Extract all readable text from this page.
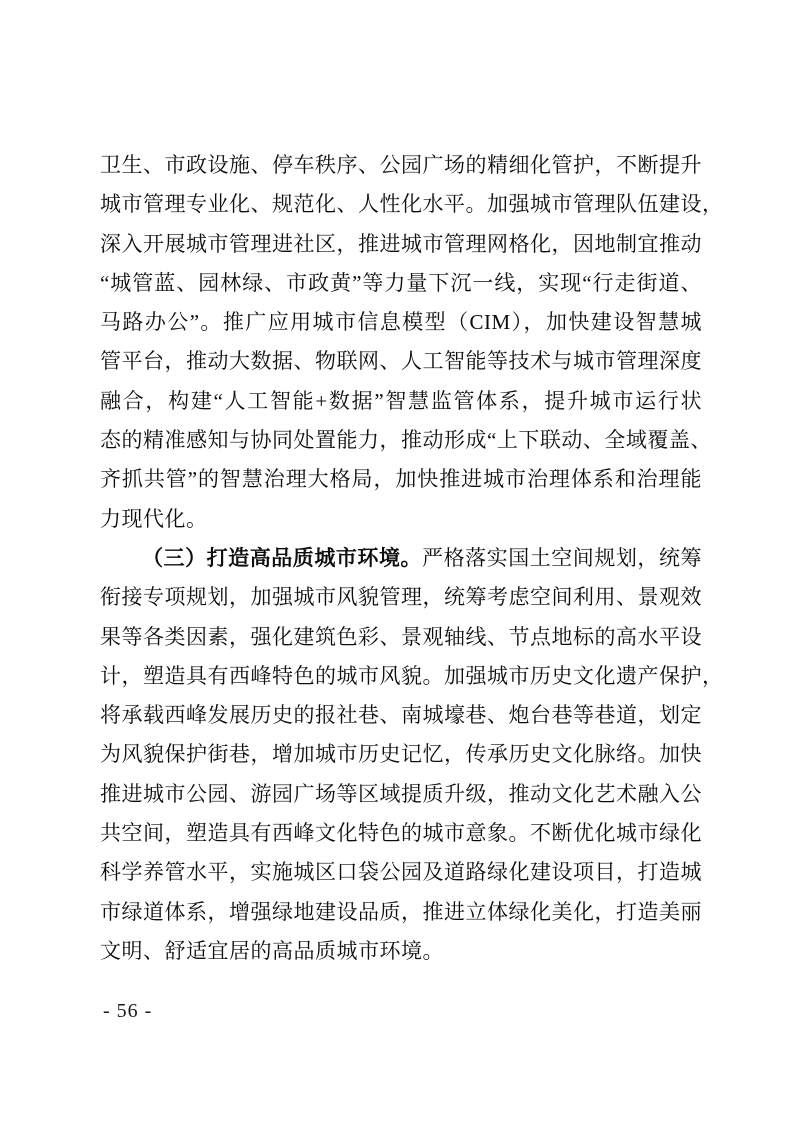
卫生、市政设施、停车秩序、公园广场的精细化管护，不断提升
城市管理专业化、规范化、人性化水平。加强城市管理队伍建设，
深入开展城市管理进社区，推进城市管理网格化，因地制宜推动
“城管蓝、园林绿、市政黄”等力量下沉一线，实现“行走街道、
马路办公”。推广应用城市信息模型（CIM），加快建设智慧城
管平台，推动大数据、物联网、人工智能等技术与城市管理深度
融合，构建“人工智能+数据”智慧监管体系，提升城市运行状
态的精准感知与协同处置能力，推动形成“上下联动、全域覆盖、
齐抓共管”的智慧治理大格局，加快推进城市治理体系和治理能
力现代化。
（三）打造高品质城市环境。严格落实国土空间规划，统筹
衔接专项规划，加强城市风貌管理，统筹考虑空间利用、景观效
果等各类因素，强化建筑色彩、景观轴线、节点地标的高水平设
计，塑造具有西峰特色的城市风貌。加强城市历史文化遗产保护，
将承载西峰发展历史的报社巷、南城壕巷、炮台巷等巷道，划定
为风貌保护街巷，增加城市历史记忆，传承历史文化脉络。加快
推进城市公园、游园广场等区域提质升级，推动文化艺术融入公
共空间，塑造具有西峰文化特色的城市意象。不断优化城市绿化
科学养管水平，实施城区口袋公园及道路绿化建设项目，打造城
市绿道体系，增强绿地建设品质，推进立体绿化美化，打造美丽
文明、舒适宜居的高品质城市环境。
- 56 -
